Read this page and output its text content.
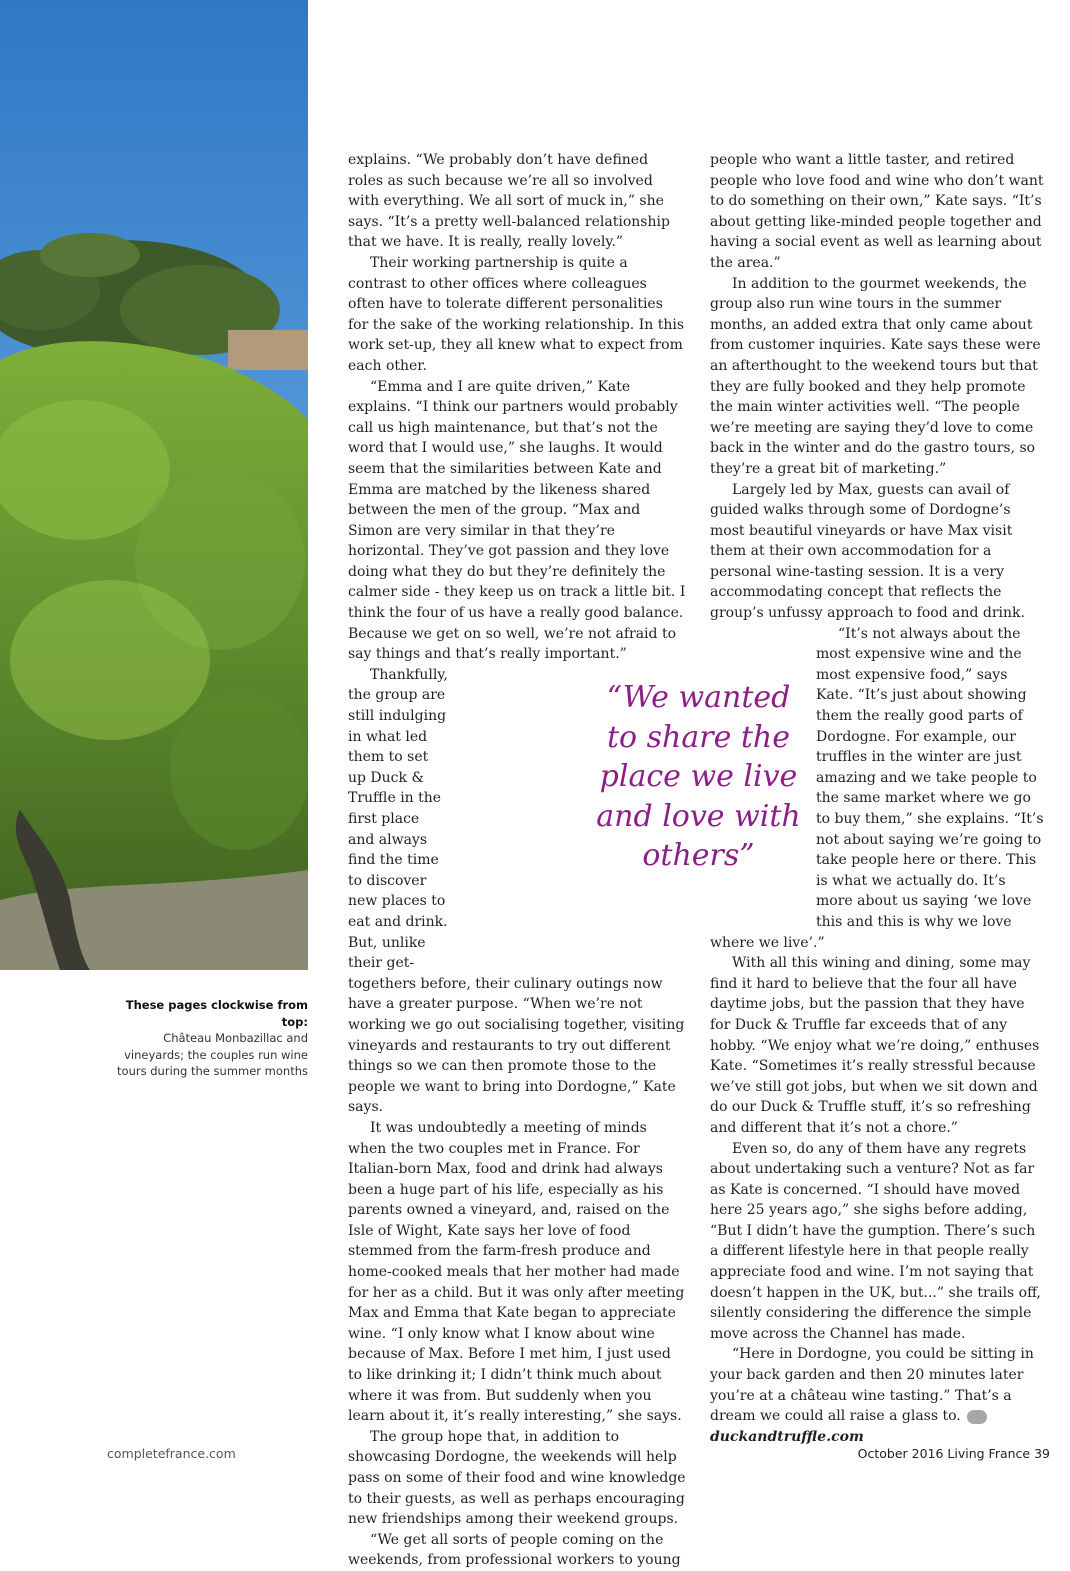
These pages clockwise from top:
Château Monbazillac and vineyards; the couples run wine tours during the summer months

explains. “We probably don’t have defined roles as such because we’re all so involved with everything. We all sort of muck in,” she says. “It’s a pretty well-balanced relationship that we have. It is really, really lovely.”

Their working partnership is quite a contrast to other offices where colleagues often have to tolerate different personalities for the sake of the working relationship. In this work set-up, they all knew what to expect from each other.

“Emma and I are quite driven,” Kate explains. “I think our partners would probably call us high maintenance, but that’s not the word that I would use,” she laughs. It would seem that the similarities between Kate and Emma are matched by the likeness shared between the men of the group. “Max and Simon are very similar in that they’re horizontal. They’ve got passion and they love doing what they do but they’re definitely the calmer side - they keep us on track a little bit. I think the four of us have a really good balance. Because we get on so well, we’re not afraid to say things and that’s really important.”

Thankfully, the group are still indulging in what led them to set up Duck & Truffle in the first place and always find the time to discover new places to eat and drink. But, unlike their get-togethers before, their culinary outings now have a greater purpose. “When we’re not working we go out socialising together, visiting vineyards and restaurants to try out different things so we can then promote those to the people we want to bring into Dordogne,” Kate says.

It was undoubtedly a meeting of minds when the two couples met in France. For Italian-born Max, food and drink had always been a huge part of his life, especially as his parents owned a vineyard, and, raised on the Isle of Wight, Kate says her love of food stemmed from the farm-fresh produce and home-cooked meals that her mother had made for her as a child. But it was only after meeting Max and Emma that Kate began to appreciate wine. “I only know what I know about wine because of Max. Before I met him, I just used to like drinking it; I didn’t think much about where it was from. But suddenly when you learn about it, it’s really interesting,” she says.

The group hope that, in addition to showcasing Dordogne, the weekends will help pass on some of their food and wine knowledge to their guests, as well as perhaps encouraging new friendships among their weekend groups.

“We get all sorts of people coming on the weekends, from professional workers to young

people who want a little taster, and retired people who love food and wine who don’t want to do something on their own,” Kate says. “It’s about getting like-minded people together and having a social event as well as learning about the area.”

In addition to the gourmet weekends, the group also run wine tours in the summer months, an added extra that only came about from customer inquiries. Kate says these were an afterthought to the weekend tours but that they are fully booked and they help promote the main winter activities well. “The people we’re meeting are saying they’d love to come back in the winter and do the gastro tours, so they’re a great bit of marketing.”

Largely led by Max, guests can avail of guided walks through some of Dordogne’s most beautiful vineyards or have Max visit them at their own accommodation for a personal wine-tasting session. It is a very accommodating concept that reflects the group’s unfussy approach to food and drink.

“It’s not always about the most expensive wine and the most expensive food,” says Kate. “It’s just about showing them the really good parts of Dordogne. For example, our truffles in the winter are just amazing and we take people to the same market where we go to buy them,” she explains. “It’s not about saying we’re going to take people here or there. This is what we actually do. It’s more about us saying ‘we love this and this is why we love where we live’.”

With all this wining and dining, some may find it hard to believe that the four all have daytime jobs, but the passion that they have for Duck & Truffle far exceeds that of any hobby. “We enjoy what we’re doing,” enthuses Kate. “Sometimes it’s really stressful because we’ve still got jobs, but when we sit down and do our Duck & Truffle stuff, it’s so refreshing and different that it’s not a chore.”

Even so, do any of them have any regrets about undertaking such a venture? Not as far as Kate is concerned. “I should have moved here 25 years ago,” she sighs before adding, “But I didn’t have the gumption. There’s such a different lifestyle here in that people really appreciate food and wine. I’m not saying that doesn’t happen in the UK, but...” she trails off, silently considering the difference the simple move across the Channel has made.

“Here in Dordogne, you could be sitting in your back garden and then 20 minutes later you’re at a château wine tasting.” That’s a dream we could all raise a glass to.	LF

duckandtruffle.com

“We wanted to share the place we live and love with others”
completefrance.com	October 2016 Living France 39
